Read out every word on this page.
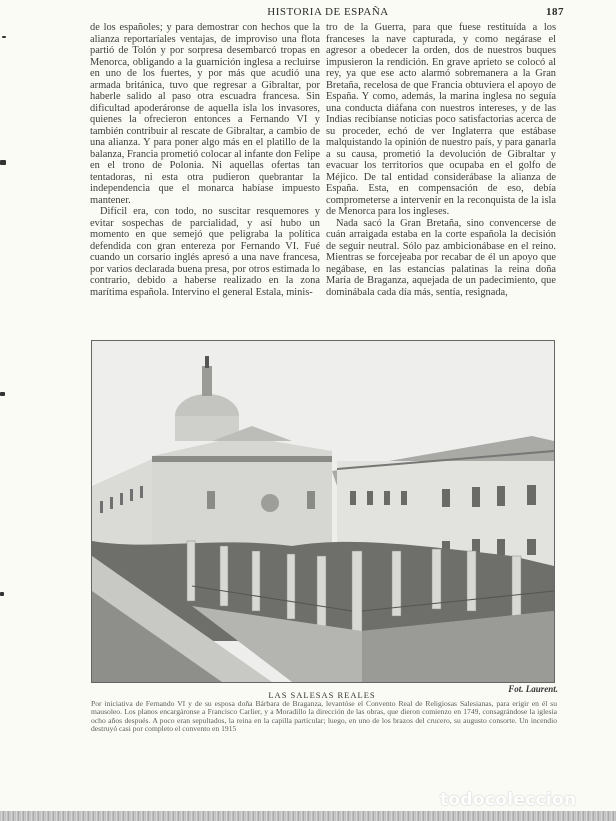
HISTORIA DE ESPAÑA	187

de los españoles; y para demostrar con hechos que la alianza reportaríales ventajas, de improviso una flota partió de Tolón y por sorpresa desembarcó tropas en Menorca, obligando a la guarnición inglesa a recluirse en uno de los fuertes, y por más que acudió una armada británica, tuvo que regresar a Gibraltar, por haberle salido al paso otra escuadra francesa. Sin dificultad apoderáronse de aquella isla los invasores, quienes la ofrecieron entonces a Fernando VI y también contribuir al rescate de Gibraltar, a cambio de una alianza. Y para poner algo más en el platillo de la balanza, Francia prometió colocar al infante don Felipe en el trono de Polonia. Ni aquellas ofertas tan tentadoras, ni esta otra pudieron quebrantar la independencia que el monarca habíase impuesto mantener.

Difícil era, con todo, no suscitar resquemores y evitar sospechas de parcialidad, y así hubo un momento en que semejó que peligraba la política defendida con gran entereza por Fernando VI. Fué cuando un corsario inglés apresó a una nave francesa, por varios declarada buena presa, por otros estimada lo contrario, debido a haberse realizado en la zona marítima española. Intervino el general Estala, minis-

tro de la Guerra, para que fuese restituída a los franceses la nave capturada, y como negárase el agresor a obedecer la orden, dos de nuestros buques impusieron la rendición. En grave aprieto se colocó al rey, ya que ese acto alarmó sobremanera a la Gran Bretaña, recelosa de que Francia obtuviera el apoyo de España. Y como, además, la marina inglesa no seguía una conducta diáfana con nuestros intereses, y de las Indias recibíanse noticias poco satisfactorias acerca de su proceder, echó de ver Inglaterra que estábase malquistando la opinión de nuestro país, y para ganarla a su causa, prometió la devolución de Gibraltar y evacuar los territorios que ocupaba en el golfo de Méjico. De tal entidad considerábase la alianza de España. Esta, en compensación de eso, debía comprometerse a intervenir en la reconquista de la isla de Menorca para los ingleses.

Nada sacó la Gran Bretaña, sino convencerse de cuán arraigada estaba en la corte española la decisión de seguir neutral. Sólo paz ambicionábase en el reino. Mientras se forcejeaba por recabar de él un apoyo que negábase, en las estancias palatinas la reina doña María de Braganza, aquejada de un padecimiento, que dominábala cada día más, sentía, resignada,

Fot. Laurent.
LAS SALESAS REALES
Por iniciativa de Fernando VI y de su esposa doña Bárbara de Braganza, levantóse el Convento Real de Religiosas Salesianas, para erigir en él su mausoleo. Los planos encargáronse a Francisco Carlier, y a Moradillo la dirección de las obras, que dieron comienzo en 1749, consagrándose la iglesia ocho años después. A poco eran sepultados, la reina en la capilla particular; luego, en uno de los brazos del crucero, su augusto consorte. Un incendio destruyó casi por completo el convento en 1915
todocoleccion
